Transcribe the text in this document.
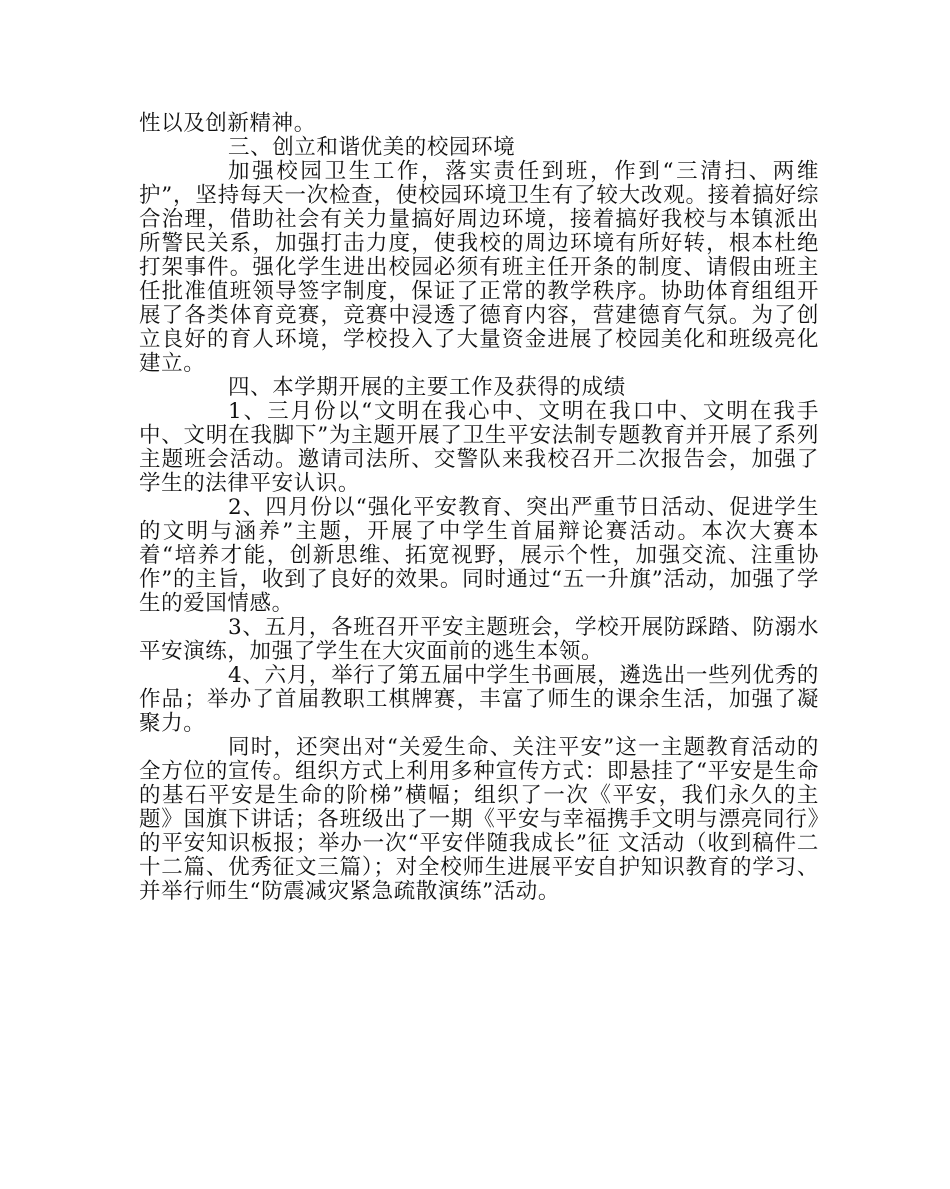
性以及创新精神。

三、创立和谐优美的校园环境

加强校园卫生工作，落实责任到班，作到“三清扫、两维护”，坚持每天一次检查，使校园环境卫生有了较大改观。接着搞好综合治理，借助社会有关力量搞好周边环境，接着搞好我校与本镇派出所警民关系，加强打击力度，使我校的周边环境有所好转，根本杜绝打架事件。强化学生进出校园必须有班主任开条的制度、请假由班主任批准值班领导签字制度，保证了正常的教学秩序。协助体育组组开展了各类体育竞赛，竞赛中浸透了德育内容，营建德育气氛。为了创立良好的育人环境，学校投入了大量资金进展了校园美化和班级亮化建立。

四、本学期开展的主要工作及获得的成绩

1、三月份以“文明在我心中、文明在我口中、文明在我手中、文明在我脚下”为主题开展了卫生平安法制专题教育并开展了系列主题班会活动。邀请司法所、交警队来我校召开二次报告会，加强了学生的法律平安认识。

2、四月份以“强化平安教育、突出严重节日活动、促进学生的文明与涵养”主题，开展了中学生首届辩论赛活动。本次大赛本着“培养才能，创新思维、拓宽视野，展示个性，加强交流、注重协作”的主旨，收到了良好的效果。同时通过“五一升旗”活动，加强了学生的爱国情感。

3、五月，各班召开平安主题班会，学校开展防踩踏、防溺水平安演练，加强了学生在大灾面前的逃生本领。

4、六月，举行了第五届中学生书画展，遴选出一些列优秀的作品；举办了首届教职工棋牌赛，丰富了师生的课余生活，加强了凝聚力。

同时，还突出对“关爱生命、关注平安”这一主题教育活动的全方位的宣传。组织方式上利用多种宣传方式：即悬挂了“平安是生命的基石平安是生命的阶梯”横幅；组织了一次《平安，我们永久的主题》国旗下讲话；各班级出了一期《平安与幸福携手文明与漂亮同行》的平安知识板报；举办一次“平安伴随我成长”征 文活动（收到稿件二十二篇、优秀征文三篇）；对全校师生进展平安自护知识教育的学习、并举行师生“防震减灾紧急疏散演练”活动。
